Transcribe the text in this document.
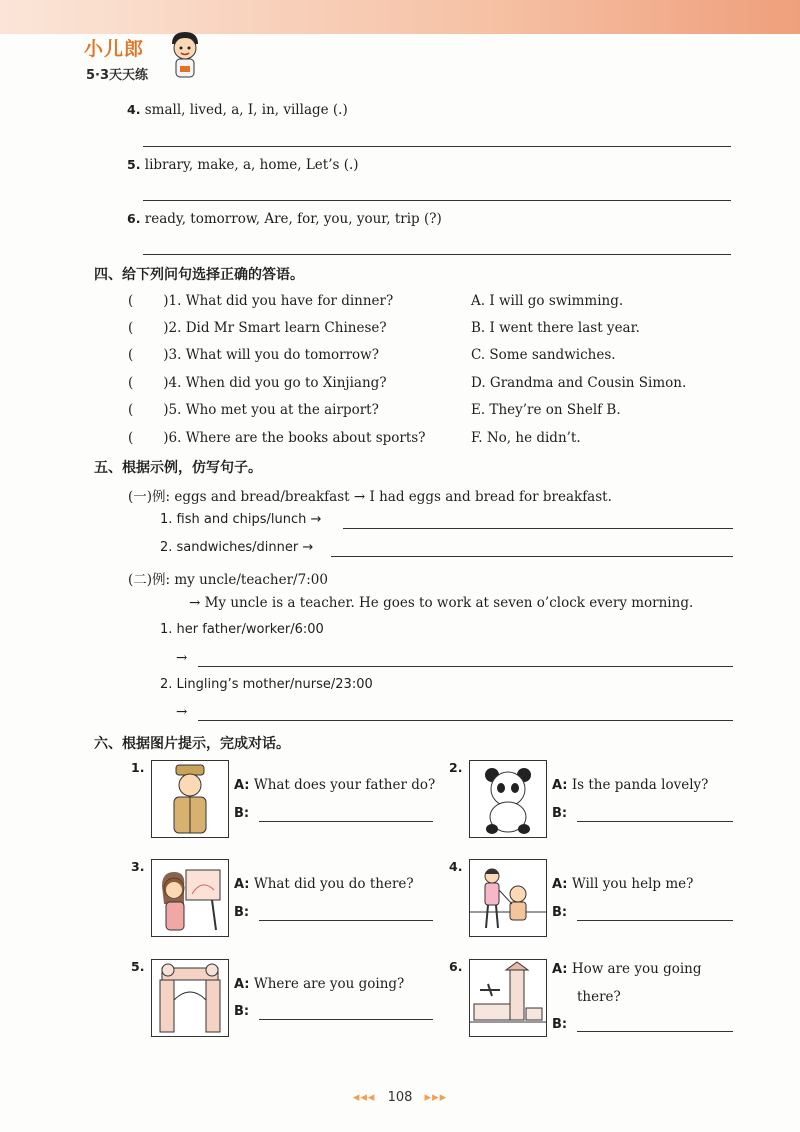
小儿郎
5·3天天练
4. small, lived, a, I, in, village (.)
5. library, make, a, home, Let’s (.)
6. ready, tomorrow, Are, for, you, your, trip (?)
四、给下列问句选择正确的答语。
( )1. What did you have for dinner?	A. I will go swimming.
( )2. Did Mr Smart learn Chinese?	B. I went there last year.
( )3. What will you do tomorrow?	C. Some sandwiches.
( )4. When did you go to Xinjiang?	D. Grandma and Cousin Simon.
( )5. Who met you at the airport?	E. They’re on Shelf B.
( )6. Where are the books about sports?	F. No, he didn’t.
五、根据示例，仿写句子。
(一)例: eggs and bread/breakfast → I had eggs and bread for breakfast.
1. fish and chips/lunch →
2. sandwiches/dinner →
(二)例: my uncle/teacher/7:00
→ My uncle is a teacher. He goes to work at seven o’clock every morning.
1. her father/worker/6:00
→
2. Lingling’s mother/nurse/23:00
→
六、根据图片提示，完成对话。
1.
A: What does your father do?
B:
2.
A: Is the panda lovely?
B:
3.
A: What did you do there?
B:
4.
A: Will you help me?
B:
5.
A: Where are you going?
B:
6.	A: How are you going
there?
B:
◂◂◂ 108 ▸▸▸
